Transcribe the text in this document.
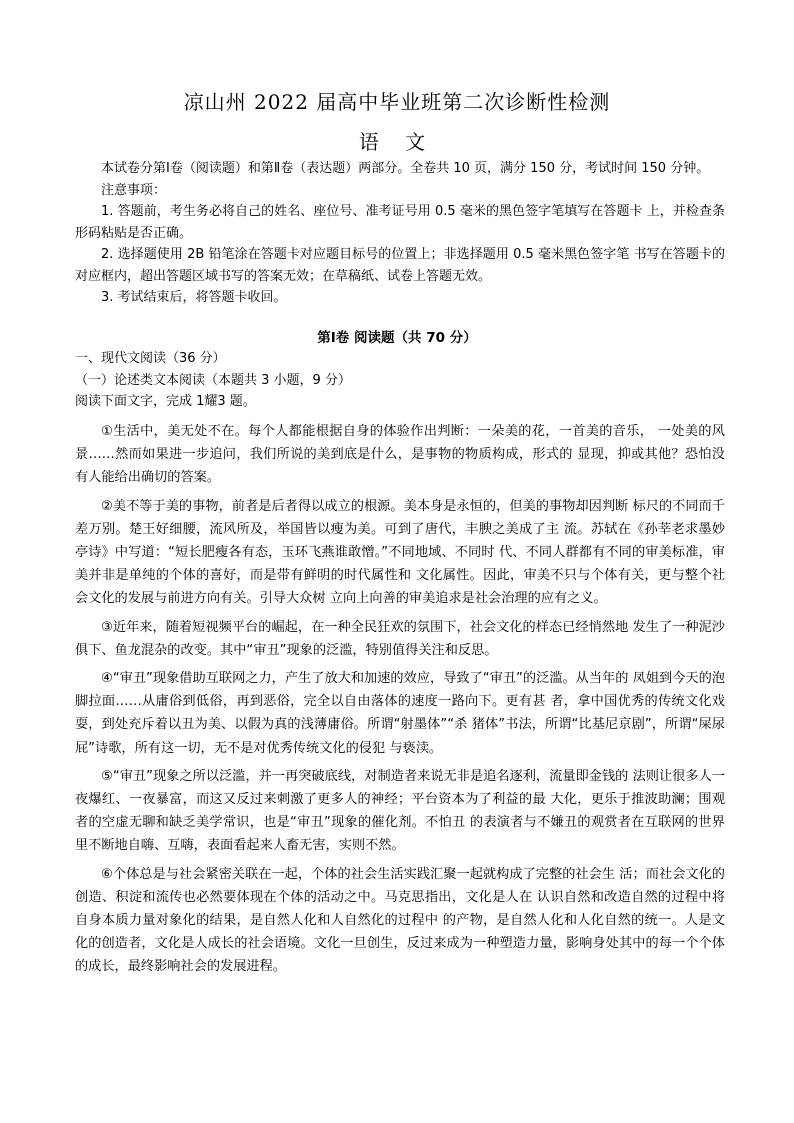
凉山州 2022 届高中毕业班第二次诊断性检测
语 文

本试卷分第Ⅰ卷（阅读题）和第Ⅱ卷（表达题）两部分。全卷共 10 页，满分 150 分，考试时间 150 分钟。

注意事项：

1. 答题前，考生务必将自己的姓名、座位号、准考证号用 0.5 毫米的黑色签字笔填写在答题卡 上，并检查条形码粘贴是否正确。

2. 选择题使用 2B 铅笔涂在答题卡对应题目标号的位置上；非选择题用 0.5 毫米黑色签字笔 书写在答题卡的对应框内，超出答题区域书写的答案无效；在草稿纸、试卷上答题无效。

3. 考试结束后，将答题卡收回。

第Ⅰ卷 阅读题（共 70 分）

一、现代文阅读（36 分）

（一）论述类文本阅读（本题共 3 小题，9 分）

阅读下面文字，完成 1耀3 题。

①生活中，美无处不在。每个人都能根据自身的体验作出判断：一朵美的花，一首美的音乐， 一处美的风景……然而如果进一步追问，我们所说的美到底是什么，是事物的物质构成，形式的 显现，抑或其他？恐怕没有人能给出确切的答案。

②美不等于美的事物，前者是后者得以成立的根源。美本身是永恒的，但美的事物却因判断 标尺的不同而千差万别。楚王好细腰，流风所及，举国皆以瘦为美。可到了唐代，丰腴之美成了主 流。苏轼在《孙莘老求墨妙亭诗》中写道：“短长肥瘦各有态，玉环飞燕谁敢憎。”不同地域、不同时 代、不同人群都有不同的审美标准，审美并非是单纯的个体的喜好，而是带有鲜明的时代属性和 文化属性。因此，审美不只与个体有关，更与整个社会文化的发展与前进方向有关。引导大众树 立向上向善的审美追求是社会治理的应有之义。

③近年来，随着短视频平台的崛起，在一种全民狂欢的氛围下，社会文化的样态已经悄然地 发生了一种泥沙俱下、鱼龙混杂的改变。其中“审丑”现象的泛滥，特别值得关注和反思。

④“审丑”现象借助互联网之力，产生了放大和加速的效应，导致了“审丑”的泛滥。从当年的 凤姐到今天的泡脚拉面……从庸俗到低俗，再到恶俗，完全以自由落体的速度一路向下。更有甚 者，拿中国优秀的传统文化戏耍，到处充斥着以丑为美、以假为真的浅薄庸俗。所谓“射墨体”“杀 猪体”书法，所谓“比基尼京剧”，所谓“屎尿屁”诗歌，所有这一切，无不是对优秀传统文化的侵犯 与亵渎。

⑤“审丑”现象之所以泛滥，并一再突破底线，对制造者来说无非是追名逐利，流量即金钱的 法则让很多人一夜爆红、一夜暴富，而这又反过来刺激了更多人的神经；平台资本为了利益的最 大化，更乐于推波助澜；围观者的空虚无聊和缺乏美学常识，也是“审丑”现象的催化剂。不怕丑 的表演者与不嫌丑的观赏者在互联网的世界里不断地自嗨、互嗨，表面看起来人畜无害，实则不然。

⑥个体总是与社会紧密关联在一起，个体的社会生活实践汇聚一起就构成了完整的社会生 活；而社会文化的创造、积淀和流传也必然要体现在个体的活动之中。马克思指出，文化是人在 认识自然和改造自然的过程中将自身本质力量对象化的结果，是自然人化和人自然化的过程中 的产物，是自然人化和人化自然的统一。人是文化的创造者，文化是人成长的社会语境。文化一旦创生，反过来成为一种塑造力量，影响身处其中的每一个个体的成长，最终影响社会的发展进程。
